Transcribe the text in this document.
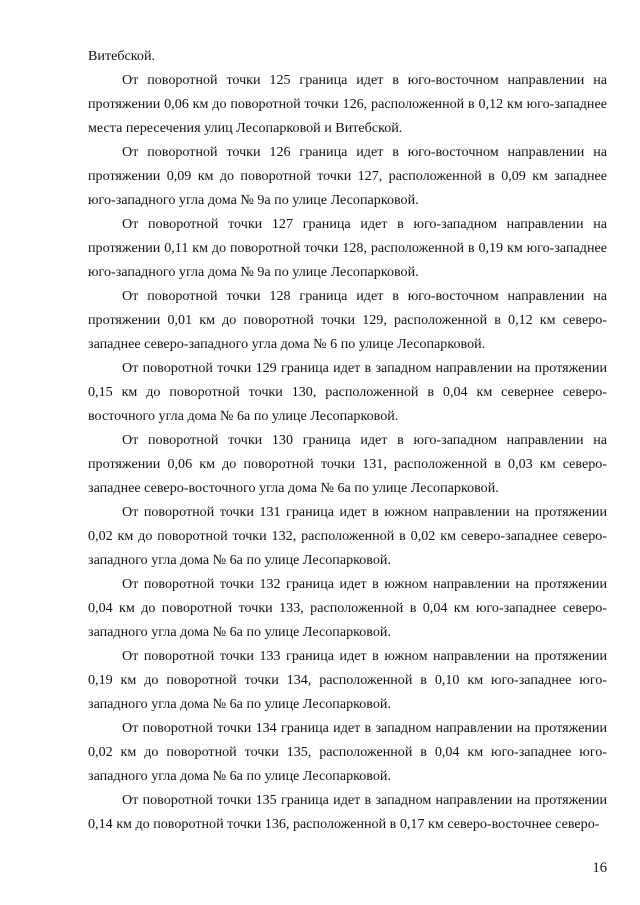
Витебской.

От поворотной точки 125 граница идет в юго-восточном направлении на протяжении 0,06 км до поворотной точки 126, расположенной в 0,12 км юго-западнее места пересечения улиц Лесопарковой и Витебской.

От поворотной точки 126 граница идет в юго-восточном направлении на протяжении 0,09 км до поворотной точки 127, расположенной в 0,09 км западнее юго-западного угла дома № 9а по улице Лесопарковой.

От поворотной точки 127 граница идет в юго-западном направлении на протяжении 0,11 км до поворотной точки 128, расположенной в 0,19 км юго-западнее юго-западного угла дома № 9а по улице Лесопарковой.

От поворотной точки 128 граница идет в юго-восточном направлении на протяжении 0,01 км до поворотной точки 129, расположенной в 0,12 км северо-западнее северо-западного угла дома № 6 по улице Лесопарковой.

От поворотной точки 129 граница идет в западном направлении на протяжении 0,15 км до поворотной точки 130, расположенной в 0,04 км севернее северо-восточного угла дома № 6а по улице Лесопарковой.

От поворотной точки 130 граница идет в юго-западном направлении на протяжении 0,06 км до поворотной точки 131, расположенной в 0,03 км северо-западнее северо-восточного угла дома № 6а по улице Лесопарковой.

От поворотной точки 131 граница идет в южном направлении на протяжении 0,02 км до поворотной точки 132, расположенной в 0,02 км северо-западнее северо-западного угла дома № 6а по улице Лесопарковой.

От поворотной точки 132 граница идет в южном направлении на протяжении 0,04 км до поворотной точки 133, расположенной в 0,04 км юго-западнее северо-западного угла дома № 6а по улице Лесопарковой.

От поворотной точки 133 граница идет в южном направлении на протяжении 0,19 км до поворотной точки 134, расположенной в 0,10 км юго-западнее юго-западного угла дома № 6а по улице Лесопарковой.

От поворотной точки 134 граница идет в западном направлении на протяжении 0,02 км до поворотной точки 135, расположенной в 0,04 км юго-западнее юго-западного угла дома № 6а по улице Лесопарковой.

От поворотной точки 135 граница идет в западном направлении на протяжении 0,14 км до поворотной точки 136, расположенной в 0,17 км северо-восточнее северо-

16
